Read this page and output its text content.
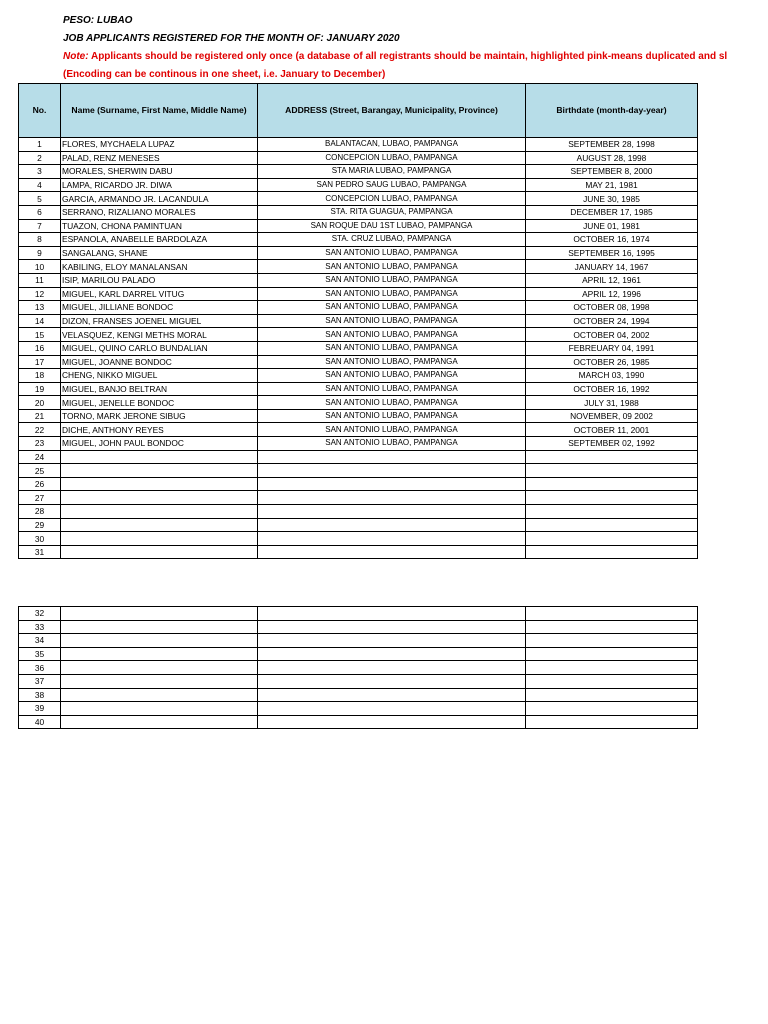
PESO: LUBAO
JOB APPLICANTS REGISTERED FOR THE MONTH OF: JANUARY 2020
Note: Applicants should be registered only once (a database of all registrants should be maintain, highlighted pink-means duplicated and sl
(Encoding can be continous in one sheet, i.e. January to December)
No.	Name (Surname, First Name, Middle Name)	ADDRESS (Street, Barangay, Municipality, Province)	Birthdate (month-day-year)
1	FLORES, MYCHAELA LUPAZ	BALANTACAN, LUBAO, PAMPANGA	SEPTEMBER 28, 1998
2	PALAD, RENZ MENESES	CONCEPCION LUBAO, PAMPANGA	AUGUST 28, 1998
3	MORALES, SHERWIN DABU	STA MARIA LUBAO, PAMPANGA	SEPTEMBER 8, 2000
4	LAMPA, RICARDO JR. DIWA	SAN PEDRO SAUG LUBAO, PAMPANGA	MAY 21, 1981
5	GARCIA, ARMANDO JR. LACANDULA	CONCEPCION LUBAO, PAMPANGA	JUNE 30, 1985
6	SERRANO, RIZALIANO MORALES	STA. RITA GUAGUA, PAMPANGA	DECEMBER 17, 1985
7	TUAZON, CHONA PAMINTUAN	SAN ROQUE DAU 1ST LUBAO, PAMPANGA	JUNE 01, 1981
8	ESPANOLA, ANABELLE BARDOLAZA	STA. CRUZ LUBAO, PAMPANGA	OCTOBER 16, 1974
9	SANGALANG, SHANE	SAN ANTONIO LUBAO, PAMPANGA	SEPTEMBER 16, 1995
10	KABILING, ELOY MANALANSAN	SAN ANTONIO LUBAO, PAMPANGA	JANUARY 14, 1967
11	ISIP, MARILOU PALADO	SAN ANTONIO LUBAO, PAMPANGA	APRIL 12, 1961
12	MIGUEL, KARL DARREL VITUG	SAN ANTONIO LUBAO, PAMPANGA	APRIL 12, 1996
13	MIGUEL, JILLIANE BONDOC	SAN ANTONIO LUBAO, PAMPANGA	OCTOBER 08, 1998
14	DIZON, FRANSES JOENEL MIGUEL	SAN ANTONIO LUBAO, PAMPANGA	OCTOBER 24, 1994
15	VELASQUEZ, KENGI METHS MORAL	SAN ANTONIO LUBAO, PAMPANGA	OCTOBER 04, 2002
16	MIGUEL, QUINO CARLO BUNDALIAN	SAN ANTONIO LUBAO, PAMPANGA	FEBREUARY 04, 1991
17	MIGUEL, JOANNE BONDOC	SAN ANTONIO LUBAO, PAMPANGA	OCTOBER 26, 1985
18	CHENG, NIKKO MIGUEL	SAN ANTONIO LUBAO, PAMPANGA	MARCH 03, 1990
19	MIGUEL, BANJO BELTRAN	SAN ANTONIO LUBAO, PAMPANGA	OCTOBER 16, 1992
20	MIGUEL, JENELLE BONDOC	SAN ANTONIO LUBAO, PAMPANGA	JULY 31, 1988
21	TORNO, MARK JERONE SIBUG	SAN ANTONIO LUBAO, PAMPANGA	NOVEMBER, 09 2002
22	DICHE, ANTHONY REYES	SAN ANTONIO LUBAO, PAMPANGA	OCTOBER 11, 2001
23	MIGUEL, JOHN PAUL BONDOC	SAN ANTONIO LUBAO, PAMPANGA	SEPTEMBER 02, 1992
24			
25			
26			
27			
28			
29			
30			
31			
32			
33			
34			
35			
36			
37			
38			
39			
40			
